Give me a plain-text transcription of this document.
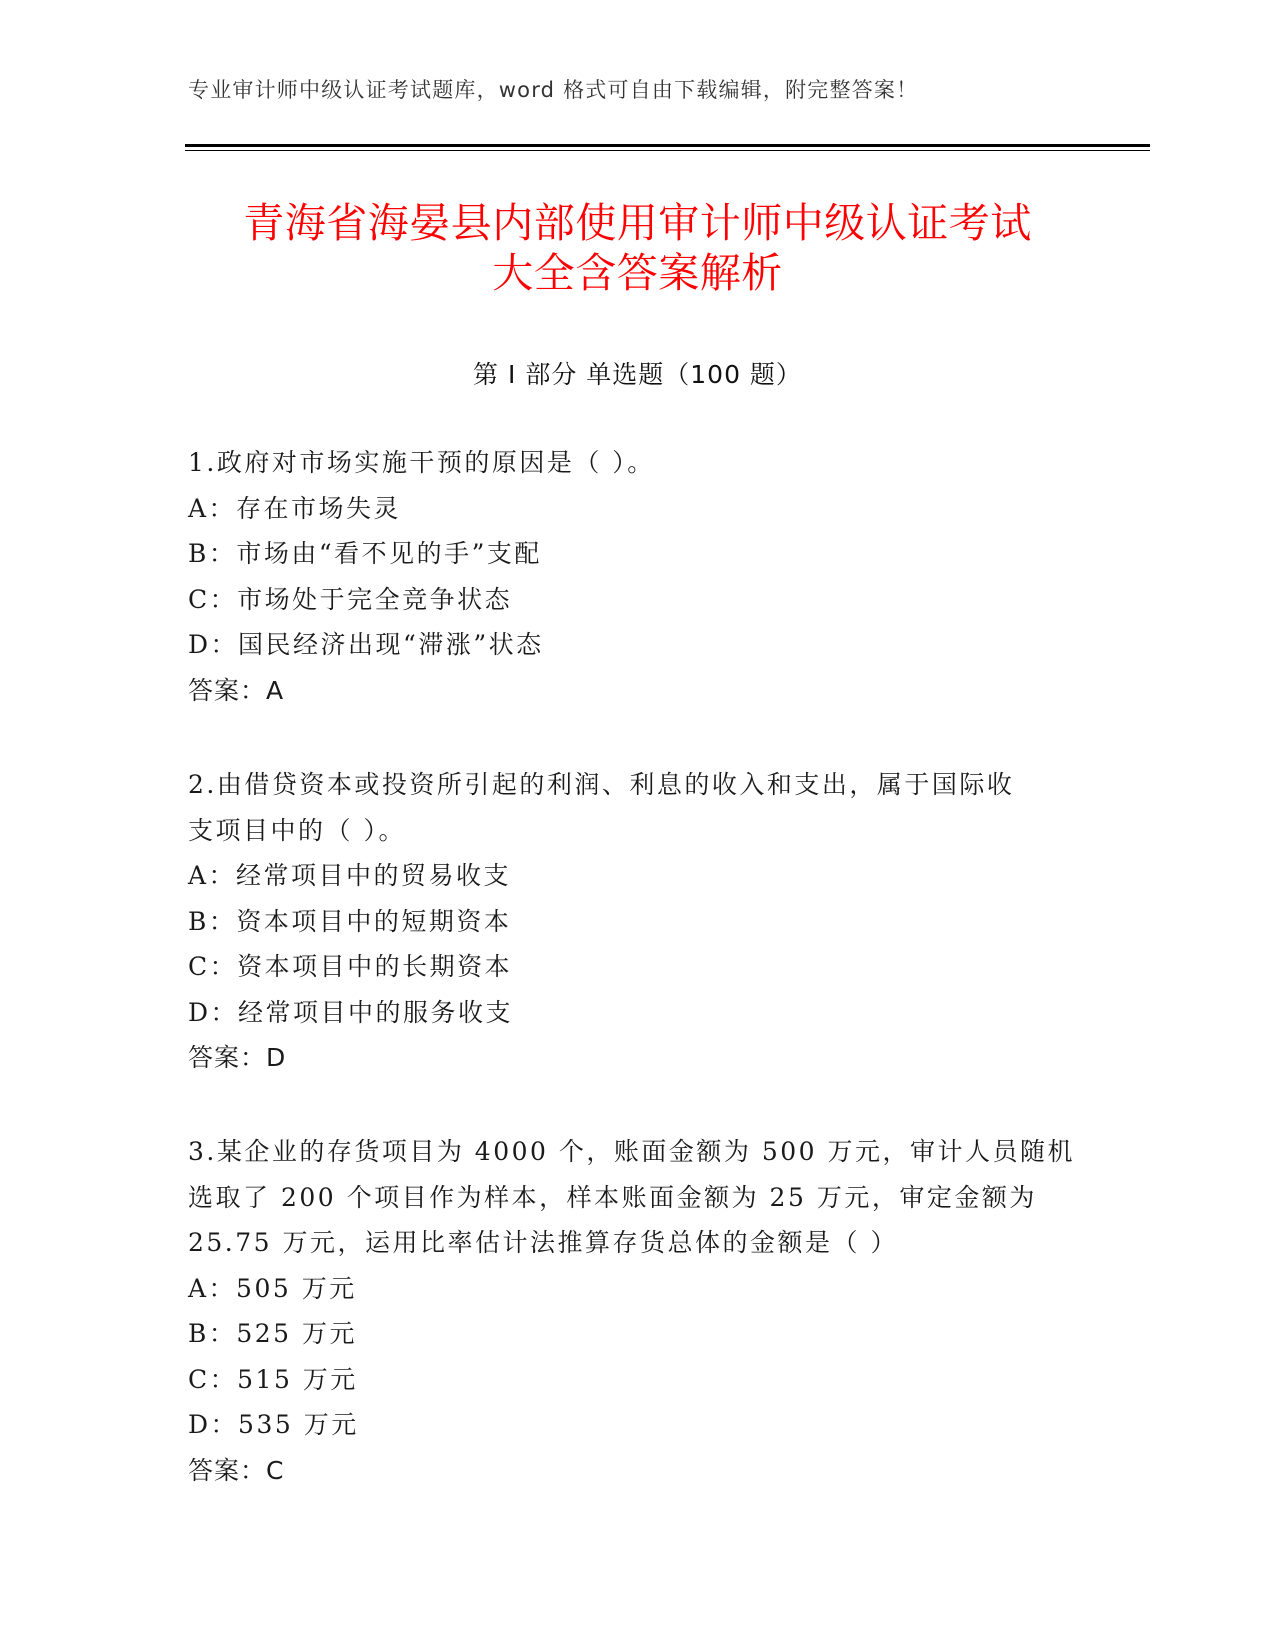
专业审计师中级认证考试题库，word 格式可自由下载编辑，附完整答案！
青海省海晏县内部使用审计师中级认证考试
大全含答案解析
第 I 部分 单选题（100 题）
1.政府对市场实施干预的原因是（ ）。
A：存在市场失灵
B：市场由“看不见的手”支配
C：市场处于完全竞争状态
D：国民经济出现“滞涨”状态
答案：A
2.由借贷资本或投资所引起的利润、利息的收入和支出，属于国际收
支项目中的（ ）。
A：经常项目中的贸易收支
B：资本项目中的短期资本
C：资本项目中的长期资本
D：经常项目中的服务收支
答案：D
3.某企业的存货项目为 4000 个，账面金额为 500 万元，审计人员随机
选取了 200 个项目作为样本，样本账面金额为 25 万元，审定金额为
25.75 万元，运用比率估计法推算存货总体的金额是（ ）
A：505 万元
B：525 万元
C：515 万元
D：535 万元
答案：C
